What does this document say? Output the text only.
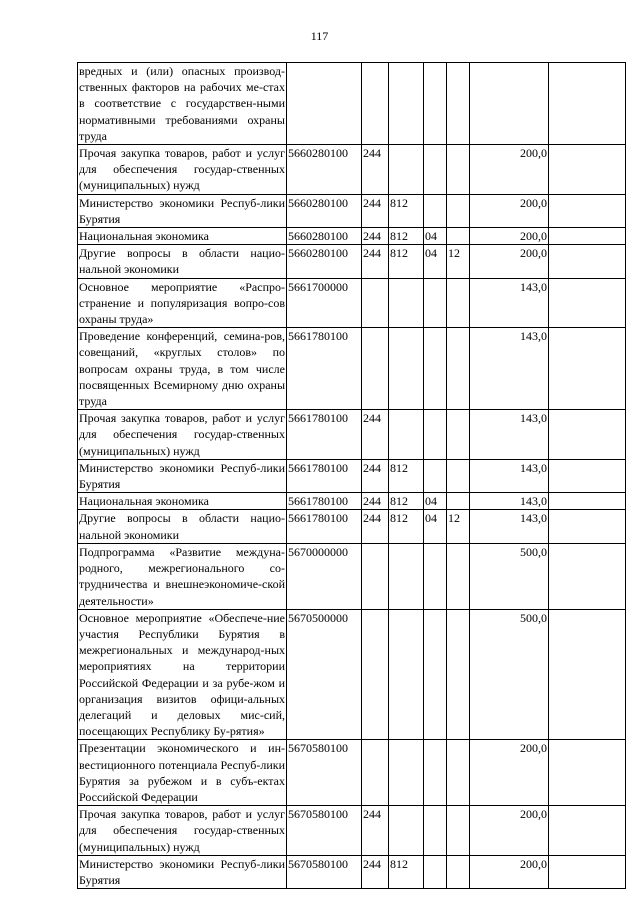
117
вредных и (или) опасных производ-ственных факторов на рабочих ме-стах в соответствие с государствен-ными нормативными требованиями охраны труда							
Прочая закупка товаров, работ и услуг для обеспечения государ-ственных (муниципальных) нужд	5660280100	244				200,0	
Министерство экономики Респуб-лики Бурятия	5660280100	244	812			200,0	
Национальная экономика	5660280100	244	812	04		200,0	
Другие вопросы в области нацио-нальной экономики	5660280100	244	812	04	12	200,0	
Основное мероприятие «Распро-странение и популяризация вопро-сов охраны труда»	5661700000					143,0	
Проведение конференций, семина-ров, совещаний, «круглых столов» по вопросам охраны труда, в том числе посвященных Всемирному дню охраны труда	5661780100					143,0	
Прочая закупка товаров, работ и услуг для обеспечения государ-ственных (муниципальных) нужд	5661780100	244				143,0	
Министерство экономики Респуб-лики Бурятия	5661780100	244	812			143,0	
Национальная экономика	5661780100	244	812	04		143,0	
Другие вопросы в области нацио-нальной экономики	5661780100	244	812	04	12	143,0	
Подпрограмма «Развитие междуна-родного, межрегионального со-трудничества и внешнеэкономиче-ской деятельности»	5670000000					500,0	
Основное мероприятие «Обеспече-ние участия Республики Бурятия в межрегиональных и международ-ных мероприятиях на территории Российской Федерации и за рубе-жом и организация визитов офици-альных делегаций и деловых мис-сий, посещающих Республику Бу-рятия»	5670500000					500,0	
Презентации экономического и ин-вестиционного потенциала Респуб-лики Бурятия за рубежом и в субъ-ектах Российской Федерации	5670580100					200,0	
Прочая закупка товаров, работ и услуг для обеспечения государ-ственных (муниципальных) нужд	5670580100	244				200,0	
Министерство экономики Респуб-лики Бурятия	5670580100	244	812			200,0	
